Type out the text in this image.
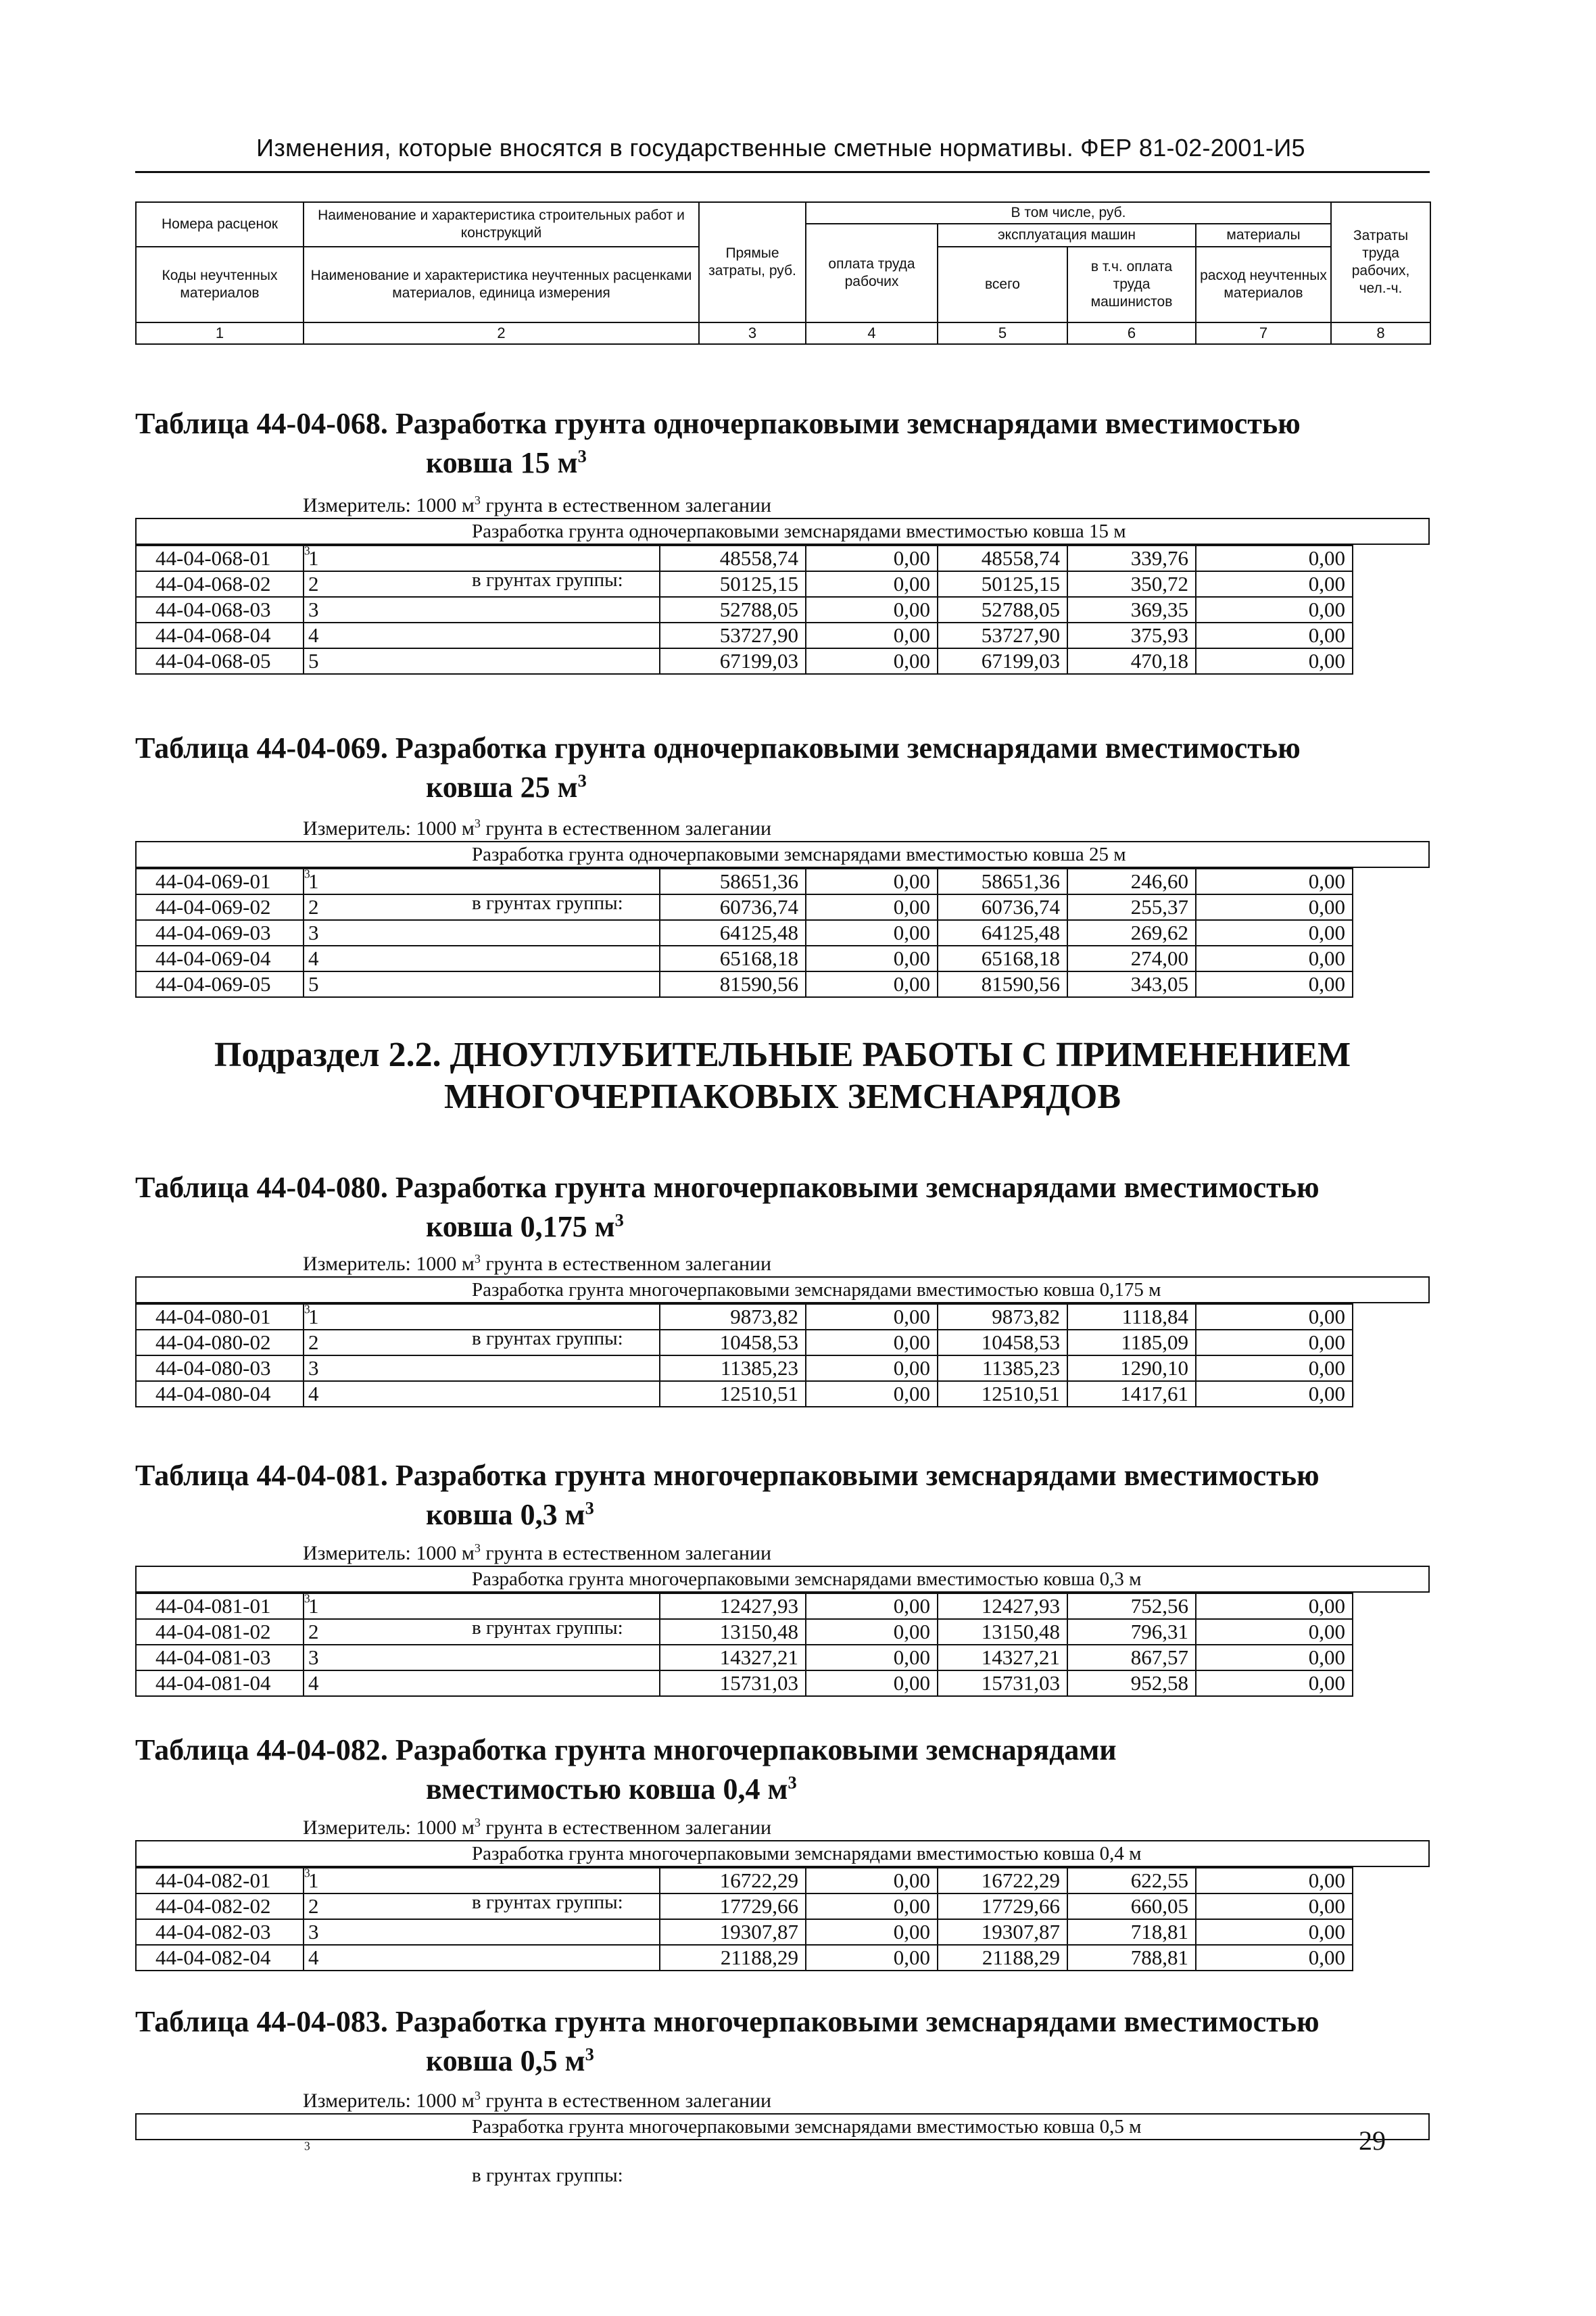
Изменения, которые вносятся в государственные сметные нормативы. ФЕР 81-02-2001-И5
Номера расценок	Наименование и характеристика строительных работ и конструкций	Прямые затраты, руб.	В том числе, руб.				Затраты труда рабочих, чел.-ч.
			оплата труда рабочих	эксплуатация машин		материалы	
Коды неучтенных материалов	Наименование и характеристика неучтенных расценками материалов, единица измерения			всего	в т.ч. оплата труда машинистов	расход неучтенных материалов	

1	2	3	4	5	6	7	8
Таблица 44-04-068. Разработка грунта одночерпаковыми земснарядами вместимостью
ковша 15 $м^3$
Измеритель: 1000 $м^3$ грунта в естественном залегании
Разработка грунта одночерпаковыми земснарядами вместимостью ковша 15 м
$^3$
в грунтах группы:
44-04-068-01	1	48558,74	0,00	48558,74	339,76	0,00
44-04-068-02	2	50125,15	0,00	50125,15	350,72	0,00
44-04-068-03	3	52788,05	0,00	52788,05	369,35	0,00
44-04-068-04	4	53727,90	0,00	53727,90	375,93	0,00
44-04-068-05	5	67199,03	0,00	67199,03	470,18	0,00
Таблица 44-04-069. Разработка грунта одночерпаковыми земснарядами вместимостью
ковша 25 $м^3$
Измеритель: 1000 $м^3$ грунта в естественном залегании
Разработка грунта одночерпаковыми земснарядами вместимостью ковша 25 м
$^3$
в грунтах группы:
44-04-069-01	1	58651,36	0,00	58651,36	246,60	0,00
44-04-069-02	2	60736,74	0,00	60736,74	255,37	0,00
44-04-069-03	3	64125,48	0,00	64125,48	269,62	0,00
44-04-069-04	4	65168,18	0,00	65168,18	274,00	0,00
44-04-069-05	5	81590,56	0,00	81590,56	343,05	0,00
Подраздел 2.2. ДНОУГЛУБИТЕЛЬНЫЕ РАБОТЫ С ПРИМЕНЕНИЕМ
МНОГОЧЕРПАКОВЫХ ЗЕМСНАРЯДОВ
Таблица 44-04-080. Разработка грунта многочерпаковыми земснарядами вместимостью
ковша 0,175 $м^3$
Измеритель: 1000 $м^3$ грунта в естественном залегании
Разработка грунта многочерпаковыми земснарядами вместимостью ковша 0,175 м
$^3$
в грунтах группы:
44-04-080-01	1	9873,82	0,00	9873,82	1118,84	0,00
44-04-080-02	2	10458,53	0,00	10458,53	1185,09	0,00
44-04-080-03	3	11385,23	0,00	11385,23	1290,10	0,00
44-04-080-04	4	12510,51	0,00	12510,51	1417,61	0,00
Таблица 44-04-081. Разработка грунта многочерпаковыми земснарядами вместимостью
ковша 0,3 $м^3$
Измеритель: 1000 $м^3$ грунта в естественном залегании
Разработка грунта многочерпаковыми земснарядами вместимостью ковша 0,3 м
$^3$
в грунтах группы:
44-04-081-01	1	12427,93	0,00	12427,93	752,56	0,00
44-04-081-02	2	13150,48	0,00	13150,48	796,31	0,00
44-04-081-03	3	14327,21	0,00	14327,21	867,57	0,00
44-04-081-04	4	15731,03	0,00	15731,03	952,58	0,00
Таблица 44-04-082. Разработка грунта многочерпаковыми земснарядами
вместимостью ковша 0,4 $м^3$
Измеритель: 1000 $м^3$ грунта в естественном залегании
Разработка грунта многочерпаковыми земснарядами вместимостью ковша 0,4 м
$^3$
в грунтах группы:
44-04-082-01	1	16722,29	0,00	16722,29	622,55	0,00
44-04-082-02	2	17729,66	0,00	17729,66	660,05	0,00
44-04-082-03	3	19307,87	0,00	19307,87	718,81	0,00
44-04-082-04	4	21188,29	0,00	21188,29	788,81	0,00
Таблица 44-04-083. Разработка грунта многочерпаковыми земснарядами вместимостью
ковша 0,5 $м^3$
Измеритель: 1000 $м^3$ грунта в естественном залегании
Разработка грунта многочерпаковыми земснарядами вместимостью ковша 0,5 м
$^3$
в грунтах группы:
29
